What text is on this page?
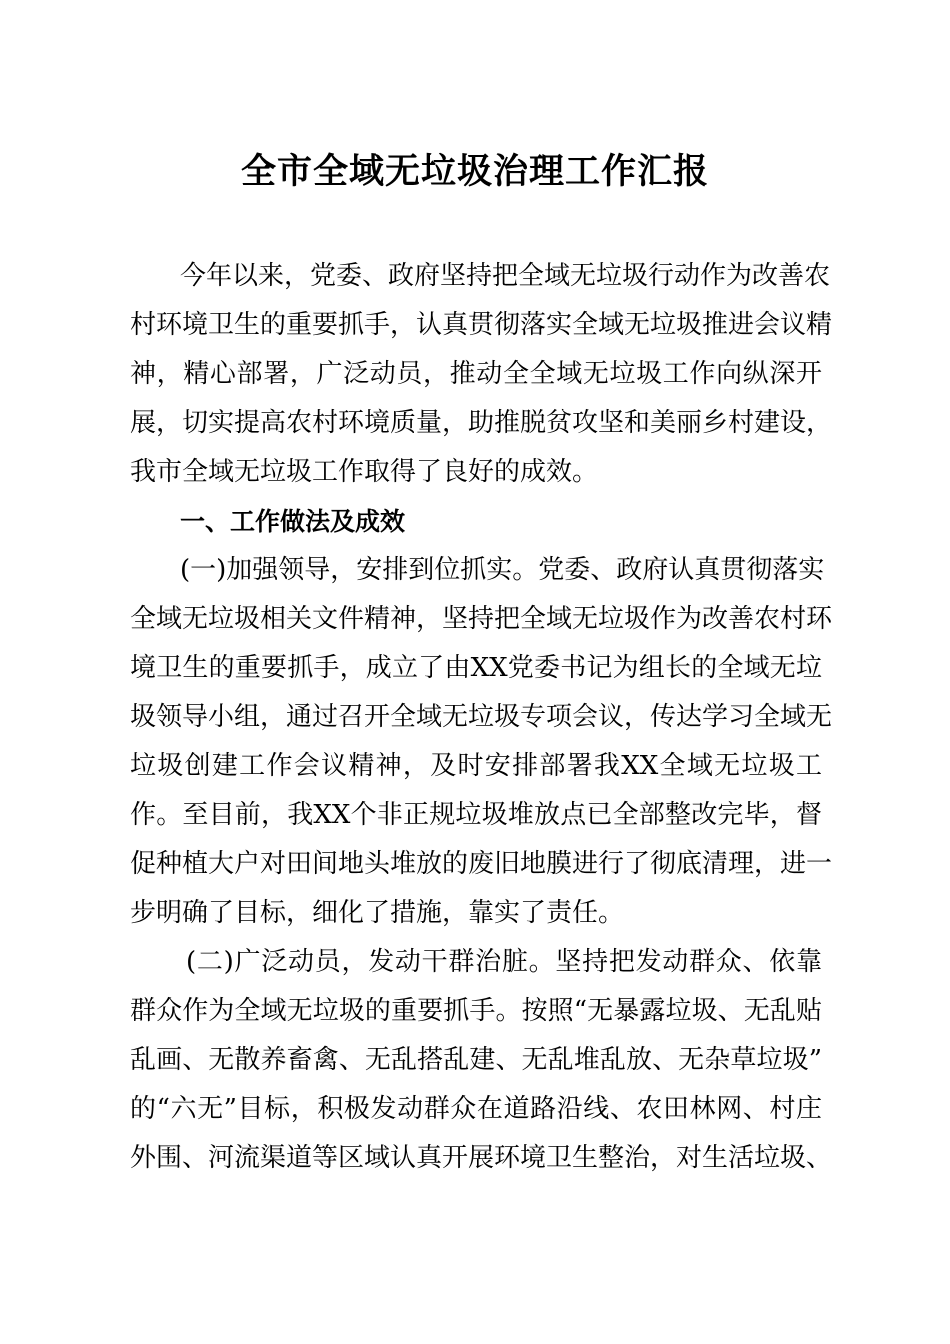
全市全域无垃圾治理工作汇报
今年以来，党委、政府坚持把全域无垃圾行动作为改善农
村环境卫生的重要抓手，认真贯彻落实全域无垃圾推进会议精
神，精心部署，广泛动员，推动全全域无垃圾工作向纵深开
展，切实提高农村环境质量，助推脱贫攻坚和美丽乡村建设，
我市全域无垃圾工作取得了良好的成效。
一、工作做法及成效
(一)加强领导，安排到位抓实。党委、政府认真贯彻落实
全域无垃圾相关文件精神，坚持把全域无垃圾作为改善农村环
境卫生的重要抓手，成立了由XX党委书记为组长的全域无垃
圾领导小组，通过召开全域无垃圾专项会议，传达学习全域无
垃圾创建工作会议精神，及时安排部署我XX全域无垃圾工
作。至目前，我XX个非正规垃圾堆放点已全部整改完毕，督
促种植大户对田间地头堆放的废旧地膜进行了彻底清理，进一
步明确了目标，细化了措施，靠实了责任。
(二)广泛动员，发动干群治脏。坚持把发动群众、依靠
群众作为全域无垃圾的重要抓手。按照“无暴露垃圾、无乱贴
乱画、无散养畜禽、无乱搭乱建、无乱堆乱放、无杂草垃圾”
的“六无”目标，积极发动群众在道路沿线、农田林网、村庄
外围、河流渠道等区域认真开展环境卫生整治，对生活垃圾、
